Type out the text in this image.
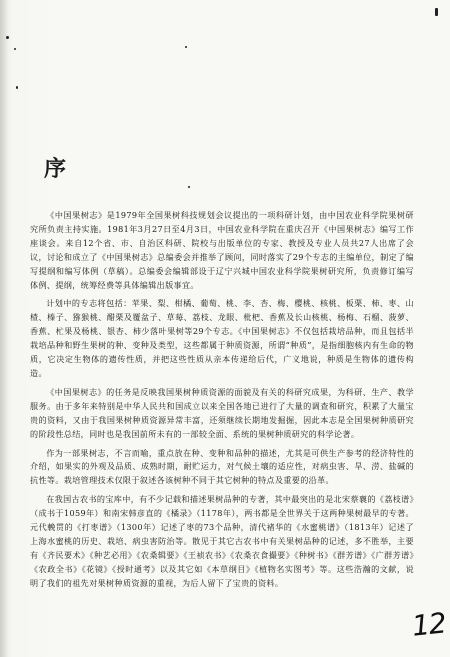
序

《中国果树志》是1979年全国果树科技规划会议提出的一项科研计划，由中国农业科学院果树研究所负责主持实施。1981年3月27日至4月3日，中国农业科学院在重庆召开《中国果树志》编写工作座谈会。来自12个省、市、自治区科研、院校与出版单位的专家、教授及专业人员共27人出席了会议，讨论和成立了《中国果树志》总编委会并推举了顾问，同时落实了29个专志的主编单位，制定了编写提纲和编写体例（草稿）。总编委会编辑部设于辽宁兴城中国农业科学院果树研究所，负责修订编写体例、提纲，统筹经费等具体编辑出版事宜。

计划中的专志将包括：苹果、梨、柑橘、葡萄、桃、李、杏、梅、樱桃、核桃、板栗、柿、枣、山楂、榛子、猕猴桃、醋栗及覆盆子、草莓、荔枝、龙眼、枇杷、香蕉及长山核桃、杨梅、石榴、菠萝、香蕉、杧果及杨桃、银杏、柿少落叶果树等29个专志。《中国果树志》不仅包括栽培品种，而且包括半栽培品种和野生果树的种、变种及类型，这些都属于种质资源，所谓“种质”，是指细胞核内有生命的物质，它决定生物体的遗传性质，并把这些性质从亲本传递给后代，广义地说，种质是生物体的遗传构造。

《中国果树志》的任务是反映我国果树种质资源的面貌及有关的科研究成果，为科研、生产、教学服务。由于多年来特别是中华人民共和国成立以来全国各地已进行了大量的调查和研究，积累了大量宝贵的资料，又由于我国果树种质资源异常丰富，还须继续长期地发掘掘，因此本志是全国果树种质研究的阶段性总结，同时也是我国前所未有的一部较全面、系统的果树种质研究的科学论著。

作为一部果树志，不言而喻，重点放在种、变种和品种的描述，尤其是可供生产参考的经济特性的介绍，如果实的外观及品质、成熟时期，耐贮运力，对气候土壤的适应性，对病虫害、旱、涝、盐碱的抗性等。栽培管理技术仅限于叙述各该树种不同于其它树种的特点及重要的沿革。

在我国古农书的宝库中，有不少记载和描述果树品种的专著，其中最突出的是北宋蔡襄的《荔枝谱》（成书于1059年）和南宋韩彦直的《橘录》（1178年），两书都是全世界关于这两种果树最早的专著。元代輓贯的《打枣谱》（1300年）记述了枣的73个品种，清代褚华的《水蜜桃谱》（1813年）记述了上海水蜜桃的历史、栽培、病虫害防治等。散见于其它古农书中有关果树品种的记述，多不胜举，主要有《齐民要术》《种艺必用》《农桑辑要》《王祯农书》《农桑衣食撮要》《种树书》《群芳谱》《广群芳谱》《农政全书》《花镜》《授时通考》以及其它如《本草纲目》《植物名实图考》等。这些浩瀚的文献，说明了我们的祖先对果树种质资源的重视，为后人留下了宝贵的资料。

12
